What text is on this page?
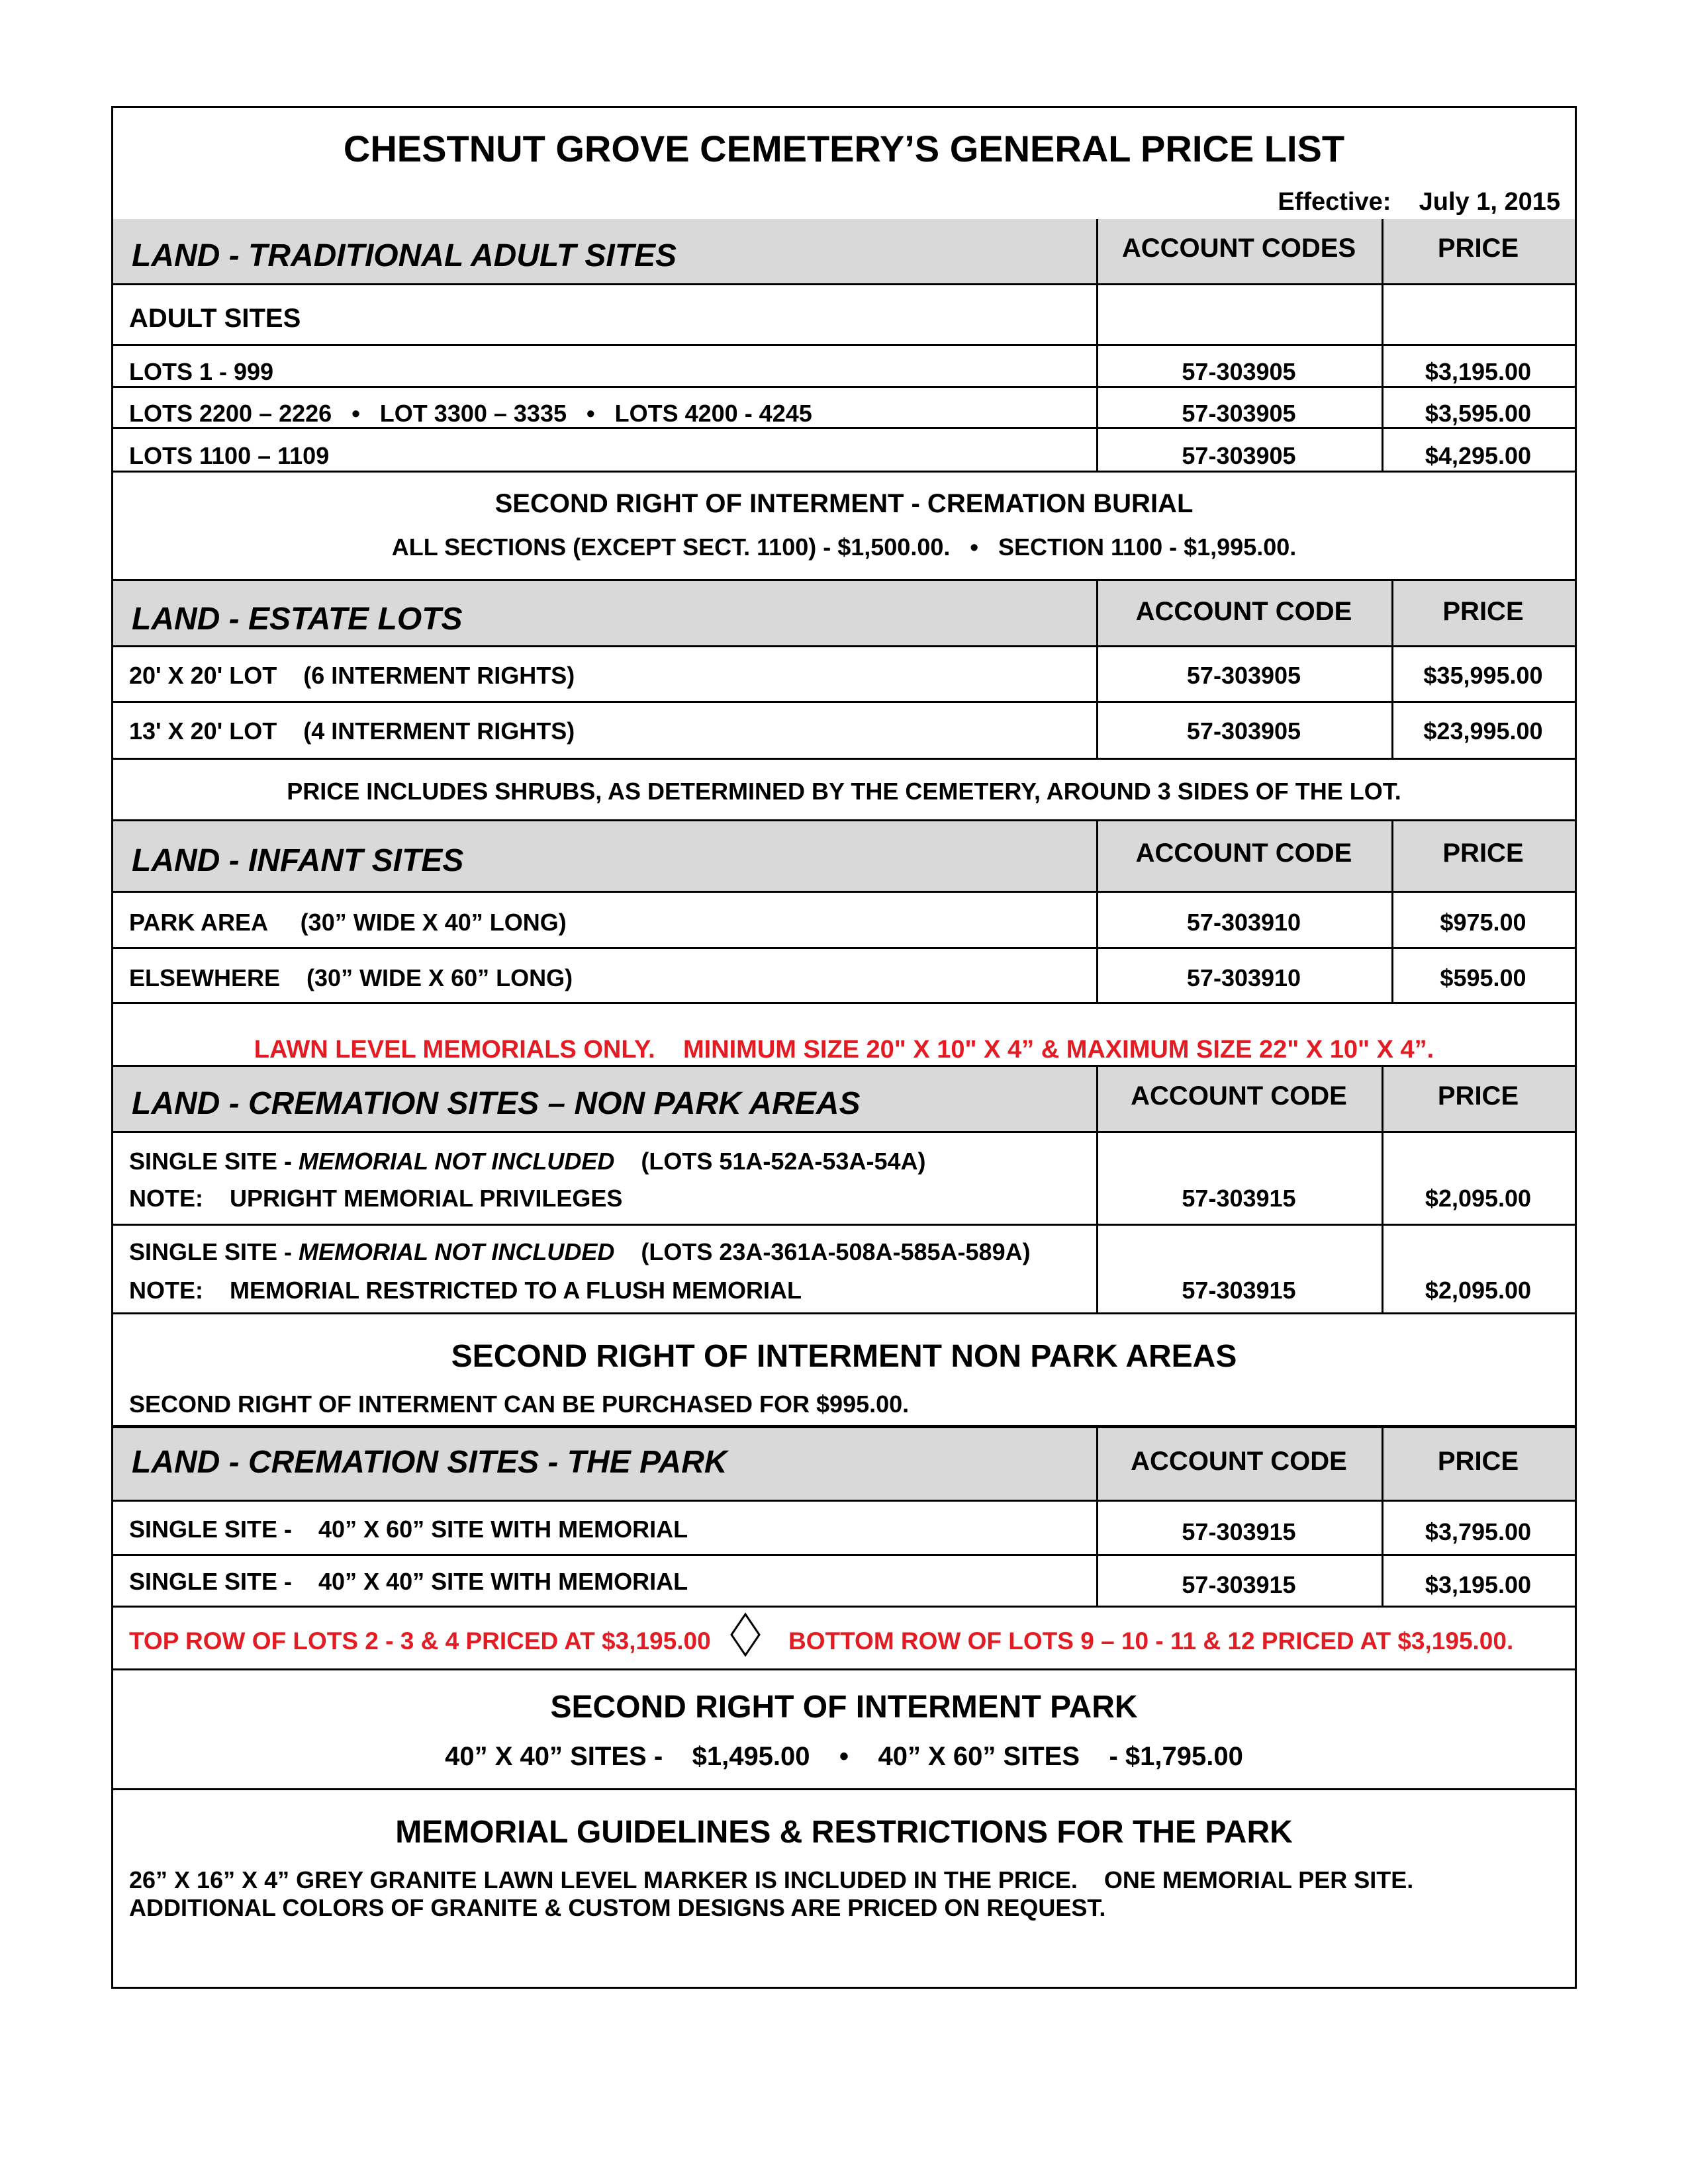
CHESTNUT GROVE CEMETERY’S GENERAL PRICE LIST
Effective: July 1, 2015
LAND - TRADITIONAL ADULT SITES	ACCOUNT CODES	PRICE
ADULT SITES
LOTS 1 - 999	57-303905	$3,195.00
LOTS 2200 – 2226   •   LOT 3300 – 3335   •   LOTS 4200 - 4245	57-303905	$3,595.00
LOTS 1100 – 1109	57-303905	$4,295.00
SECOND RIGHT OF INTERMENT - CREMATION BURIAL
ALL SECTIONS (EXCEPT SECT. 1100) - $1,500.00.   •   SECTION 1100 - $1,995.00.
LAND - ESTATE LOTS	ACCOUNT CODE	PRICE
20' X 20' LOT    (6 INTERMENT RIGHTS)	57-303905	$35,995.00
13' X 20' LOT    (4 INTERMENT RIGHTS)	57-303905	$23,995.00
PRICE INCLUDES SHRUBS, AS DETERMINED BY THE CEMETERY, AROUND 3 SIDES OF THE LOT.
LAND - INFANT SITES	ACCOUNT CODE	PRICE
PARK AREA     (30” WIDE X 40” LONG)	57-303910	$975.00
ELSEWHERE    (30” WIDE X 60” LONG)	57-303910	$595.00
LAWN LEVEL MEMORIALS ONLY.    MINIMUM SIZE 20" X 10" X 4” & MAXIMUM SIZE 22" X 10" X 4”.
LAND - CREMATION SITES – NON PARK AREAS	ACCOUNT CODE	PRICE
SINGLE SITE - MEMORIAL NOT INCLUDED    (LOTS 51A-52A-53A-54A)
NOTE:    UPRIGHT MEMORIAL PRIVILEGES	57-303915	$2,095.00
SINGLE SITE - MEMORIAL NOT INCLUDED    (LOTS 23A-361A-508A-585A-589A)
NOTE:    MEMORIAL RESTRICTED TO A FLUSH MEMORIAL	57-303915	$2,095.00
SECOND RIGHT OF INTERMENT NON PARK AREAS
SECOND RIGHT OF INTERMENT CAN BE PURCHASED FOR $995.00.
LAND - CREMATION SITES - THE PARK	ACCOUNT CODE	PRICE
SINGLE SITE -    40” X 60” SITE WITH MEMORIAL	57-303915	$3,795.00
SINGLE SITE -    40” X 40” SITE WITH MEMORIAL	57-303915	$3,195.00
TOP ROW OF LOTS 2 - 3 & 4 PRICED AT $3,195.00	BOTTOM ROW OF LOTS 9 – 10 - 11 & 12 PRICED AT $3,195.00.
SECOND RIGHT OF INTERMENT PARK
40” X 40” SITES -    $1,495.00    •    40” X 60” SITES    - $1,795.00
MEMORIAL GUIDELINES & RESTRICTIONS FOR THE PARK
26” X 16” X 4” GREY GRANITE LAWN LEVEL MARKER IS INCLUDED IN THE PRICE.    ONE MEMORIAL PER SITE.
ADDITIONAL COLORS OF GRANITE & CUSTOM DESIGNS ARE PRICED ON REQUEST.
